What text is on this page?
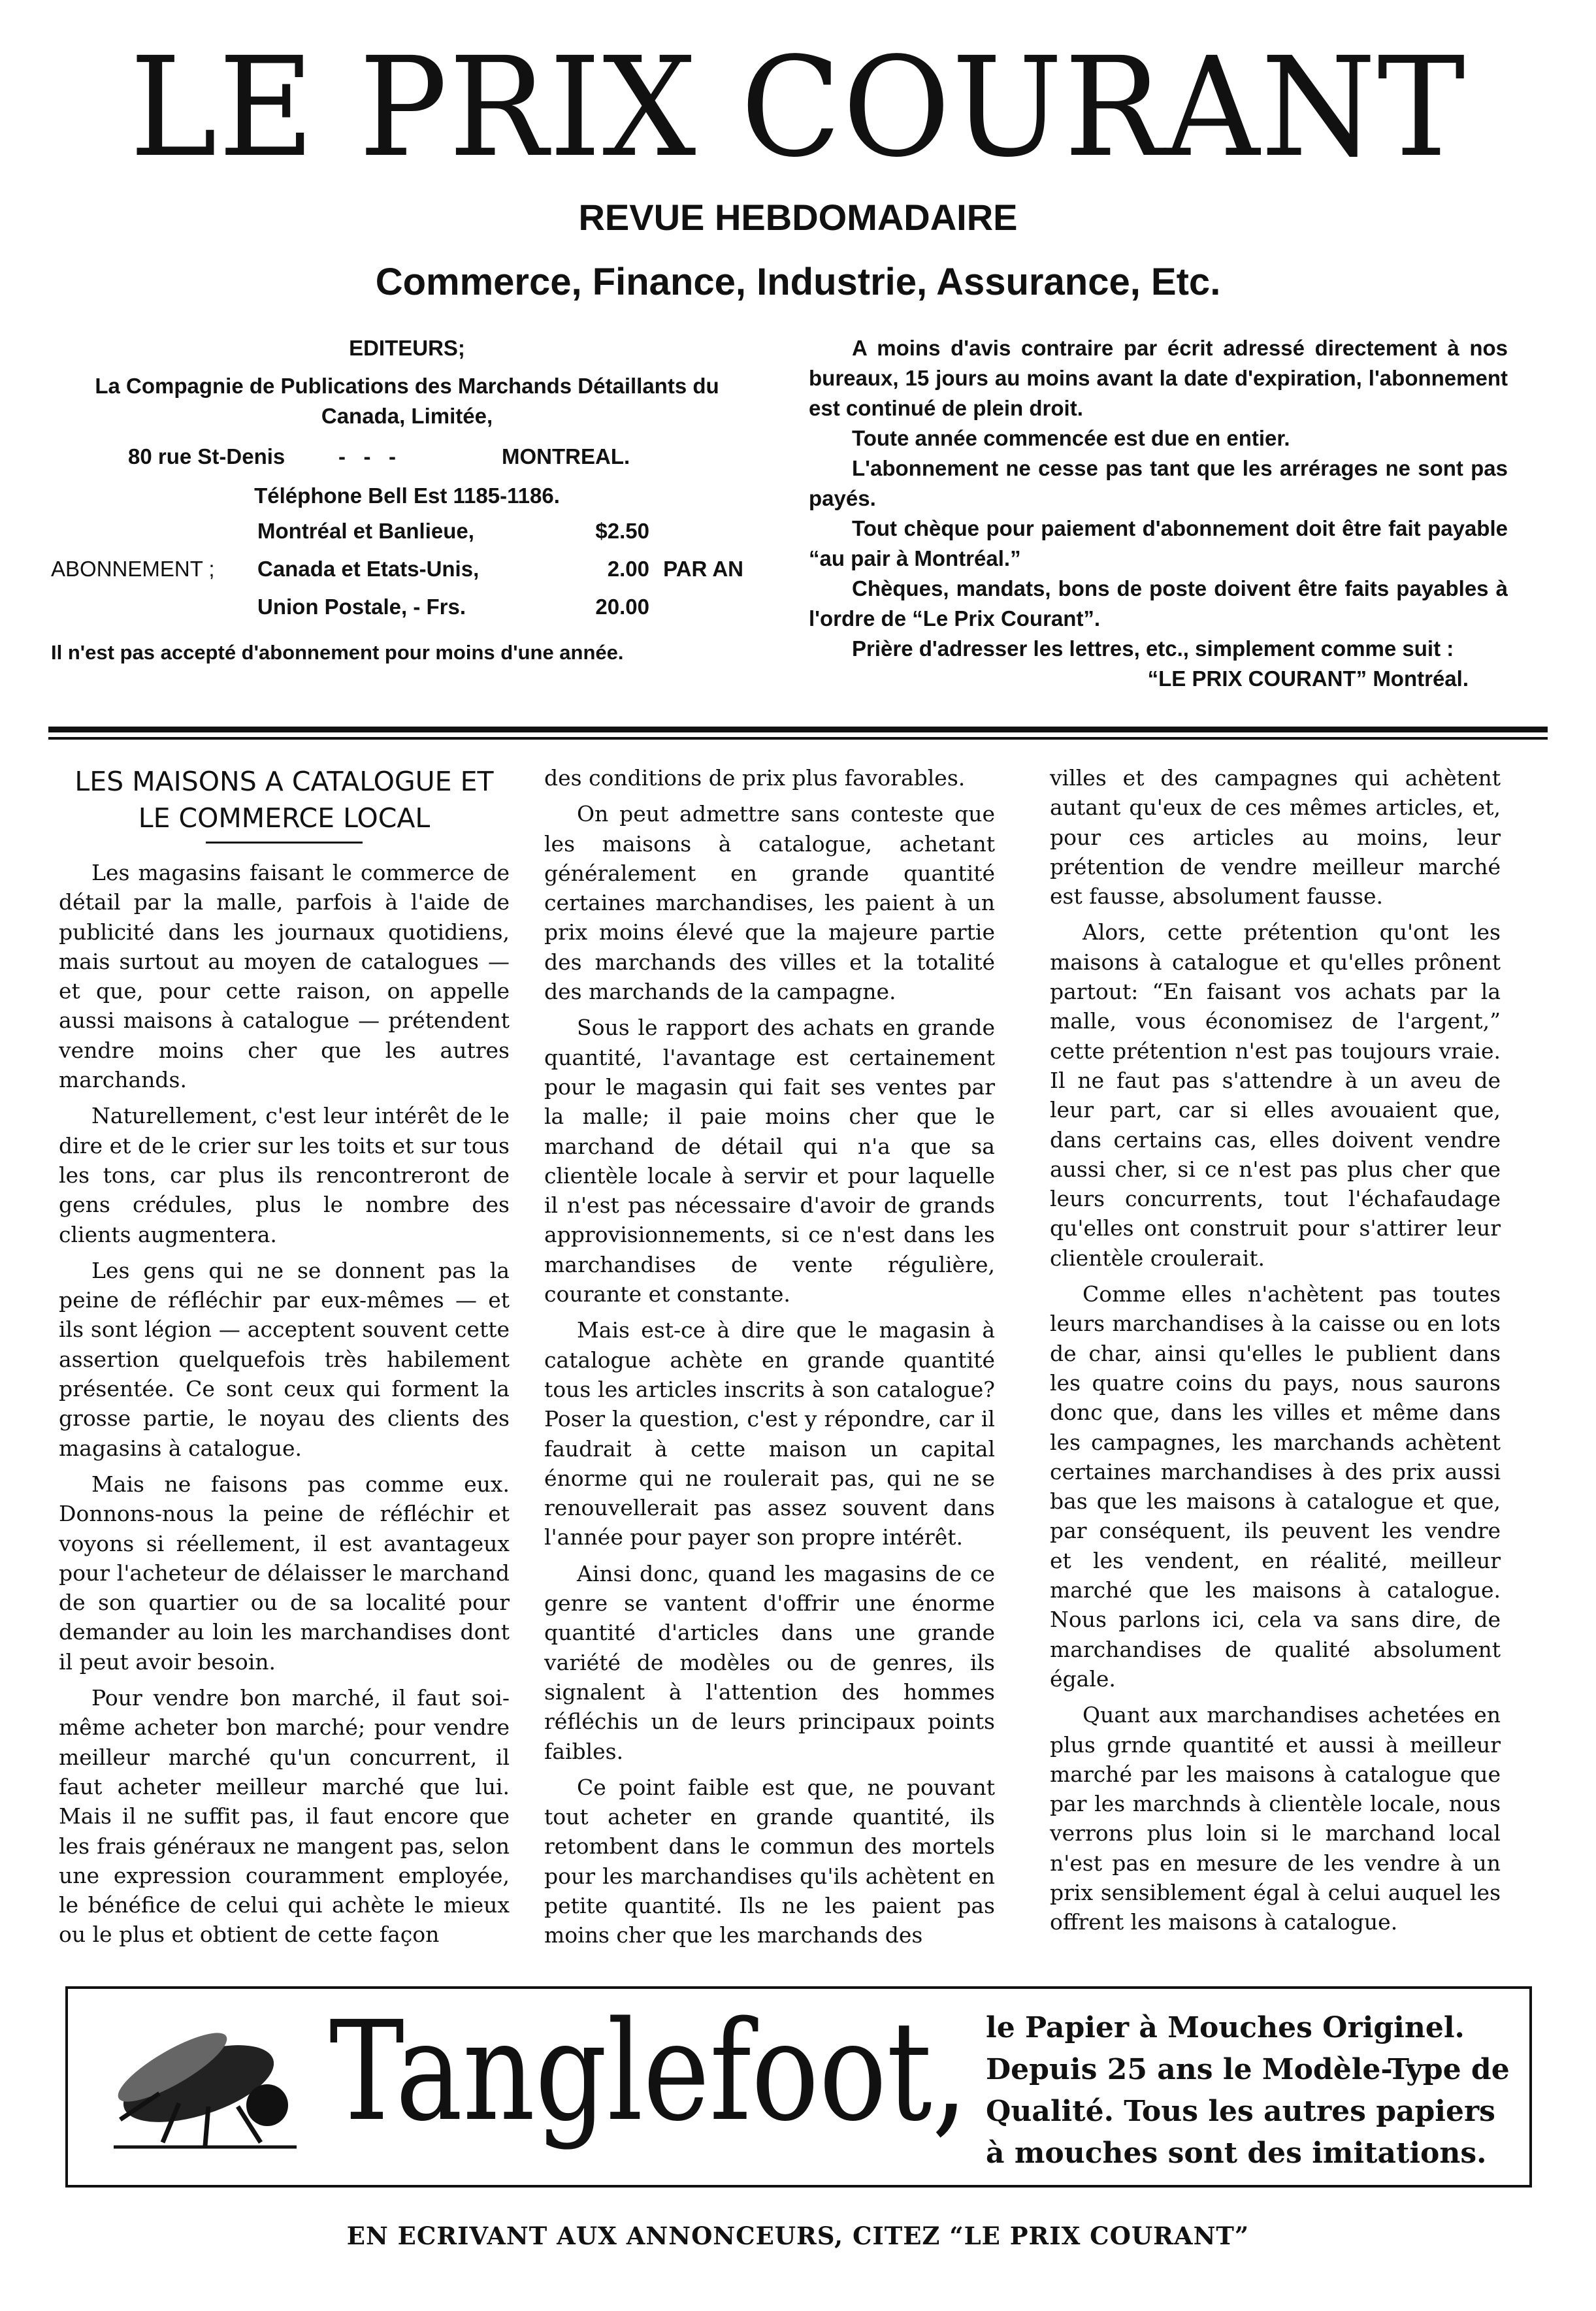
LE PRIX COURANT
REVUE HEBDOMADAIRE
Commerce, Finance, Industrie, Assurance, Etc.
EDITEURS;
La Compagnie de Publications des Marchands Détaillants du Canada, Limitée,
80 rue St-Denis -   -   -	MONTREAL.
Téléphone Bell Est 1185-1186.
ABONNEMENT ;
Montréal et Banlieue,	$2.50
Canada et Etats-Unis,	2.00
Union Postale, - Frs.	20.00
PAR AN
Il n'est pas accepté d'abonnement pour moins d'une année.

A moins d'avis contraire par écrit adressé directement à nos bureaux, 15 jours au moins avant la date d'expiration, l'abonnement est continué de plein droit.

Toute année commencée est due en entier.

L'abonnement ne cesse pas tant que les arrérages ne sont pas payés.

Tout chèque pour paiement d'abonnement doit être fait payable “au pair à Montréal.”

Chèques, mandats, bons de poste doivent être faits payables à l'ordre de “Le Prix Courant”.

Prière d'adresser les lettres, etc., simplement comme suit :

“LE PRIX COURANT” Montréal.

LES MAISONS A CATALOGUE ET
LE COMMERCE LOCAL

Les magasins faisant le commerce de détail par la malle, parfois à l'aide de publicité dans les journaux quotidiens, mais surtout au moyen de catalogues — et que, pour cette raison, on appelle aussi maisons à catalogue — prétendent vendre moins cher que les autres marchands.

Naturellement, c'est leur intérêt de le dire et de le crier sur les toits et sur tous les tons, car plus ils rencontreront de gens crédules, plus le nombre des clients augmentera.

Les gens qui ne se donnent pas la peine de réfléchir par eux-mêmes — et ils sont légion — acceptent souvent cette assertion quelquefois très habilement présentée. Ce sont ceux qui forment la grosse partie, le noyau des clients des magasins à catalogue.

Mais ne faisons pas comme eux. Donnons-nous la peine de réfléchir et voyons si réellement, il est avantageux pour l'acheteur de délaisser le marchand de son quartier ou de sa localité pour demander au loin les marchandises dont il peut avoir besoin.

Pour vendre bon marché, il faut soi-même acheter bon marché; pour vendre meilleur marché qu'un concurrent, il faut acheter meilleur marché que lui. Mais il ne suffit pas, il faut encore que les frais généraux ne mangent pas, selon une expression couramment employée, le bénéfice de celui qui achète le mieux ou le plus et obtient de cette façon

des conditions de prix plus favorables.

On peut admettre sans conteste que les maisons à catalogue, achetant généralement en grande quantité certaines marchandises, les paient à un prix moins élevé que la majeure partie des marchands des villes et la totalité des marchands de la campagne.

Sous le rapport des achats en grande quantité, l'avantage est certainement pour le magasin qui fait ses ventes par la malle; il paie moins cher que le marchand de détail qui n'a que sa clientèle locale à servir et pour laquelle il n'est pas nécessaire d'avoir de grands approvisionnements, si ce n'est dans les marchandises de vente régulière, courante et constante.

Mais est-ce à dire que le magasin à catalogue achète en grande quantité tous les articles inscrits à son catalogue? Poser la question, c'est y répondre, car il faudrait à cette maison un capital énorme qui ne roulerait pas, qui ne se renouvellerait pas assez souvent dans l'année pour payer son propre intérêt.

Ainsi donc, quand les magasins de ce genre se vantent d'offrir une énorme quantité d'articles dans une grande variété de modèles ou de genres, ils signalent à l'attention des hommes réfléchis un de leurs principaux points faibles.

Ce point faible est que, ne pouvant tout acheter en grande quantité, ils retombent dans le commun des mortels pour les marchandises qu'ils achètent en petite quantité. Ils ne les paient pas moins cher que les marchands des

villes et des campagnes qui achètent autant qu'eux de ces mêmes articles, et, pour ces articles au moins, leur prétention de vendre meilleur marché est fausse, absolument fausse.

Alors, cette prétention qu'ont les maisons à catalogue et qu'elles prônent partout: “En faisant vos achats par la malle, vous économisez de l'argent,” cette prétention n'est pas toujours vraie. Il ne faut pas s'attendre à un aveu de leur part, car si elles avouaient que, dans certains cas, elles doivent vendre aussi cher, si ce n'est pas plus cher que leurs concurrents, tout l'échafaudage qu'elles ont construit pour s'attirer leur clientèle croulerait.

Comme elles n'achètent pas toutes leurs marchandises à la caisse ou en lots de char, ainsi qu'elles le publient dans les quatre coins du pays, nous saurons donc que, dans les villes et même dans les campagnes, les marchands achètent certaines marchandises à des prix aussi bas que les maisons à catalogue et que, par conséquent, ils peuvent les vendre et les vendent, en réalité, meilleur marché que les maisons à catalogue. Nous parlons ici, cela va sans dire, de marchandises de qualité absolument égale.

Quant aux marchandises achetées en plus grnde quantité et aussi à meilleur marché par les maisons à catalogue que par les marchnds à clientèle locale, nous verrons plus loin si le marchand local n'est pas en mesure de les vendre à un prix sensiblement égal à celui auquel les offrent les maisons à catalogue.

Tanglefoot, le Papier à Mouches Originel.
Depuis 25 ans le Modèle-Type de
Qualité. Tous les autres papiers
à mouches sont des imitations.
EN ECRIVANT AUX ANNONCEURS, CITEZ “LE PRIX COURANT”
